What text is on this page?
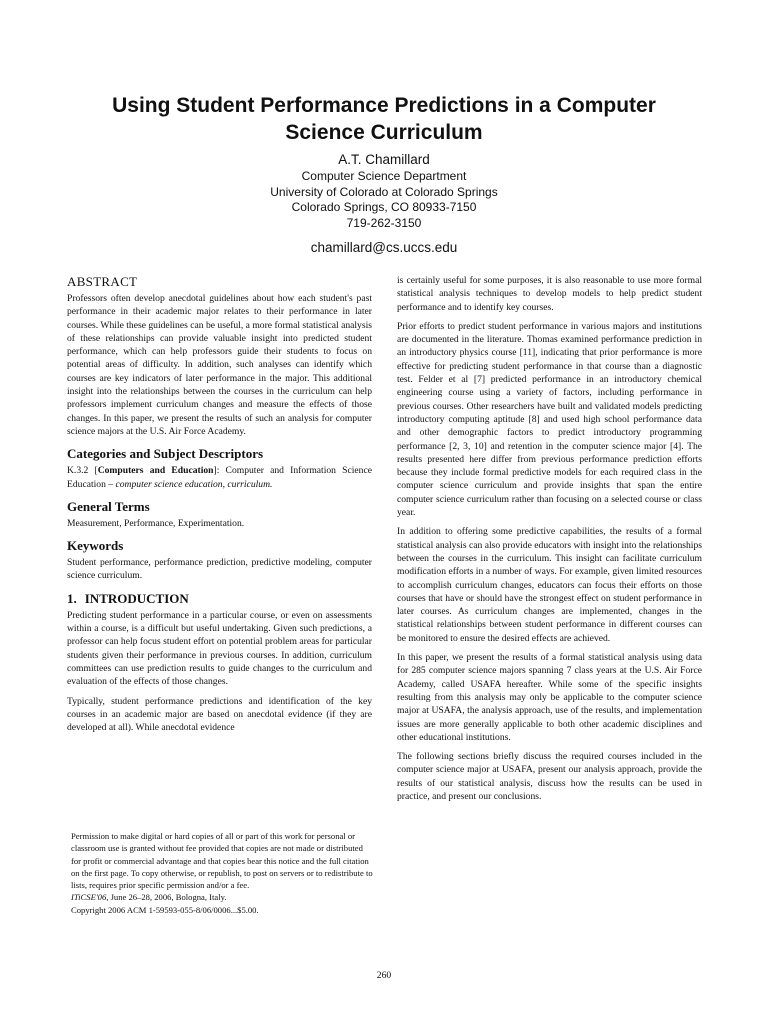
Using Student Performance Predictions in a Computer
Science Curriculum
A.T. Chamillard
Computer Science Department
University of Colorado at Colorado Springs
Colorado Springs, CO 80933-7150
719-262-3150
chamillard@cs.uccs.edu
ABSTRACT

Professors often develop anecdotal guidelines about how each student's past performance in their academic major relates to their performance in later courses. While these guidelines can be useful, a more formal statistical analysis of these relationships can provide valuable insight into predicted student performance, which can help professors guide their students to focus on potential areas of difficulty. In addition, such analyses can identify which courses are key indicators of later performance in the major. This additional insight into the relationships between the courses in the curriculum can help professors implement curriculum changes and measure the effects of those changes. In this paper, we present the results of such an analysis for computer science majors at the U.S. Air Force Academy.

Categories and Subject Descriptors

K.3.2 [Computers and Education]: Computer and Information Science Education – computer science education, curriculum.

General Terms

Measurement, Performance, Experimentation.

Keywords

Student performance, performance prediction, predictive modeling, computer science curriculum.

1. INTRODUCTION

Predicting student performance in a particular course, or even on assessments within a course, is a difficult but useful undertaking. Given such predictions, a professor can help focus student effort on potential problem areas for particular students given their performance in previous courses. In addition, curriculum committees can use prediction results to guide changes to the curriculum and evaluation of the effects of those changes.

Typically, student performance predictions and identification of the key courses in an academic major are based on anecdotal evidence (if they are developed at all). While anecdotal evidence

is certainly useful for some purposes, it is also reasonable to use more formal statistical analysis techniques to develop models to help predict student performance and to identify key courses.

Prior efforts to predict student performance in various majors and institutions are documented in the literature. Thomas examined performance prediction in an introductory physics course [11], indicating that prior performance is more effective for predicting student performance in that course than a diagnostic test. Felder et al [7] predicted performance in an introductory chemical engineering course using a variety of factors, including performance in previous courses. Other researchers have built and validated models predicting introductory computing aptitude [8] and used high school performance data and other demographic factors to predict introductory programming performance [2, 3, 10] and retention in the computer science major [4]. The results presented here differ from previous performance prediction efforts because they include formal predictive models for each required class in the computer science curriculum and provide insights that span the entire computer science curriculum rather than focusing on a selected course or class year.

In addition to offering some predictive capabilities, the results of a formal statistical analysis can also provide educators with insight into the relationships between the courses in the curriculum. This insight can facilitate curriculum modification efforts in a number of ways. For example, given limited resources to accomplish curriculum changes, educators can focus their efforts on those courses that have or should have the strongest effect on student performance in later courses. As curriculum changes are implemented, changes in the statistical relationships between student performance in different courses can be monitored to ensure the desired effects are achieved.

In this paper, we present the results of a formal statistical analysis using data for 285 computer science majors spanning 7 class years at the U.S. Air Force Academy, called USAFA hereafter. While some of the specific insights resulting from this analysis may only be applicable to the computer science major at USAFA, the analysis approach, use of the results, and implementation issues are more generally applicable to both other academic disciplines and other educational institutions.

The following sections briefly discuss the required courses included in the computer science major at USAFA, present our analysis approach, provide the results of our statistical analysis, discuss how the results can be used in practice, and present our conclusions.

Permission to make digital or hard copies of all or part of this work for personal or classroom use is granted without fee provided that copies are not made or distributed for profit or commercial advantage and that copies bear this notice and the full citation on the first page. To copy otherwise, or republish, to post on servers or to redistribute to lists, requires prior specific permission and/or a fee.

ITiCSE'06, June 26–28, 2006, Bologna, Italy.

Copyright 2006 ACM 1-59593-055-8/06/0006...$5.00.

260
